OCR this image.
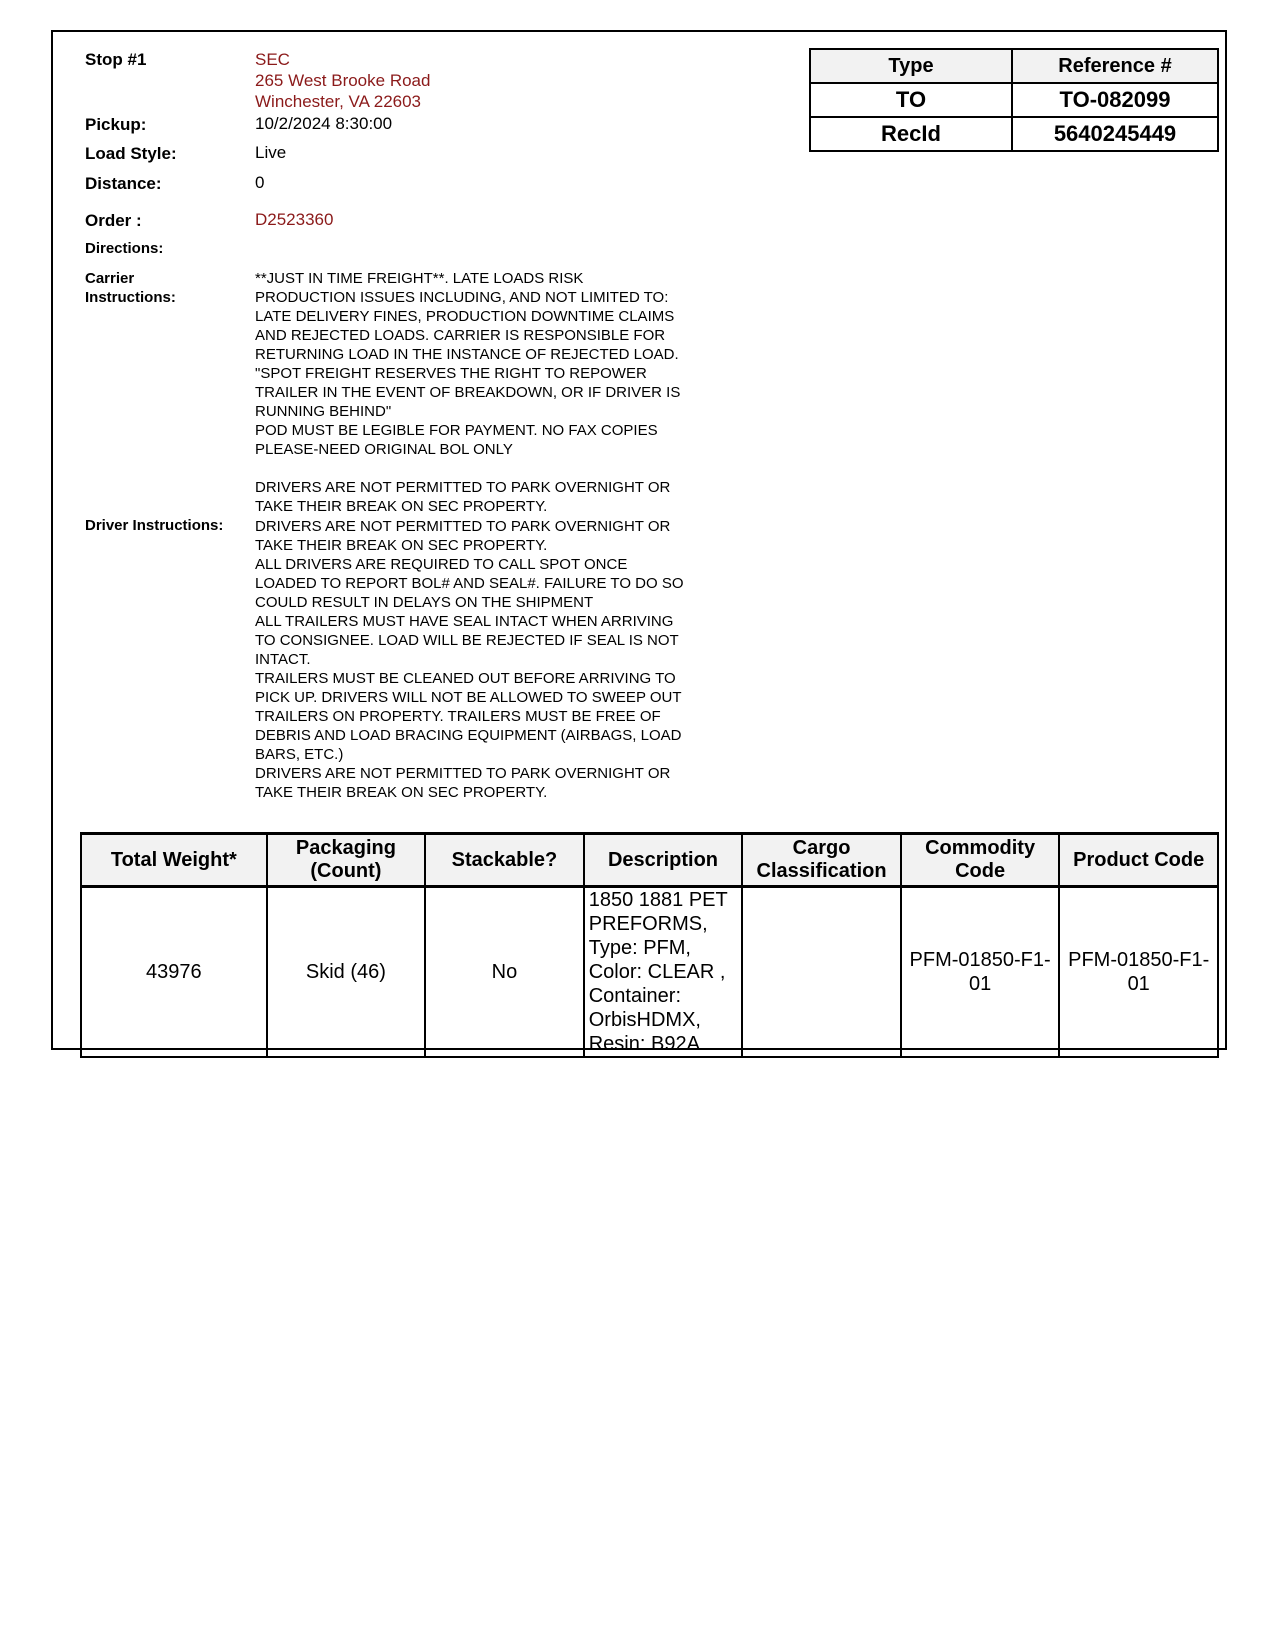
Stop #1	SEC
265 West Brooke Road
Winchester, VA 22603
Pickup:	10/2/2024 8:30:00
Load Style:	Live
Distance:	0
Order :	D2523360
Directions:
Carrier
Instructions:
**JUST IN TIME FREIGHT**. LATE LOADS RISK
PRODUCTION ISSUES INCLUDING, AND NOT LIMITED TO:
LATE DELIVERY FINES, PRODUCTION DOWNTIME CLAIMS
AND REJECTED LOADS. CARRIER IS RESPONSIBLE FOR
RETURNING LOAD IN THE INSTANCE OF REJECTED LOAD.
"SPOT FREIGHT RESERVES THE RIGHT TO REPOWER
TRAILER IN THE EVENT OF BREAKDOWN, OR IF DRIVER IS
RUNNING BEHIND"
POD MUST BE LEGIBLE FOR PAYMENT. NO FAX COPIES
PLEASE-NEED ORIGINAL BOL ONLY

DRIVERS ARE NOT PERMITTED TO PARK OVERNIGHT OR
TAKE THEIR BREAK ON SEC PROPERTY.
Driver Instructions: DRIVERS ARE NOT PERMITTED TO PARK OVERNIGHT OR
TAKE THEIR BREAK ON SEC PROPERTY.
ALL DRIVERS ARE REQUIRED TO CALL SPOT ONCE
LOADED TO REPORT BOL# AND SEAL#. FAILURE TO DO SO
COULD RESULT IN DELAYS ON THE SHIPMENT
ALL TRAILERS MUST HAVE SEAL INTACT WHEN ARRIVING
TO CONSIGNEE. LOAD WILL BE REJECTED IF SEAL IS NOT
INTACT.
TRAILERS MUST BE CLEANED OUT BEFORE ARRIVING TO
PICK UP. DRIVERS WILL NOT BE ALLOWED TO SWEEP OUT
TRAILERS ON PROPERTY. TRAILERS MUST BE FREE OF
DEBRIS AND LOAD BRACING EQUIPMENT (AIRBAGS, LOAD
BARS, ETC.)
DRIVERS ARE NOT PERMITTED TO PARK OVERNIGHT OR
TAKE THEIR BREAK ON SEC PROPERTY.
Type	Reference #
TO	TO-082099
RecId	5640245449
Total Weight*	Packaging (Count)	Stackable?	Description	Cargo Classification	Commodity Code	Product Code
43976	Skid (46)	No	1850 1881 PET PREFORMS, Type: PFM, Color: CLEAR , Container: OrbisHDMX, Resin: B92A		PFM-01850-F1-01	PFM-01850-F1-01
